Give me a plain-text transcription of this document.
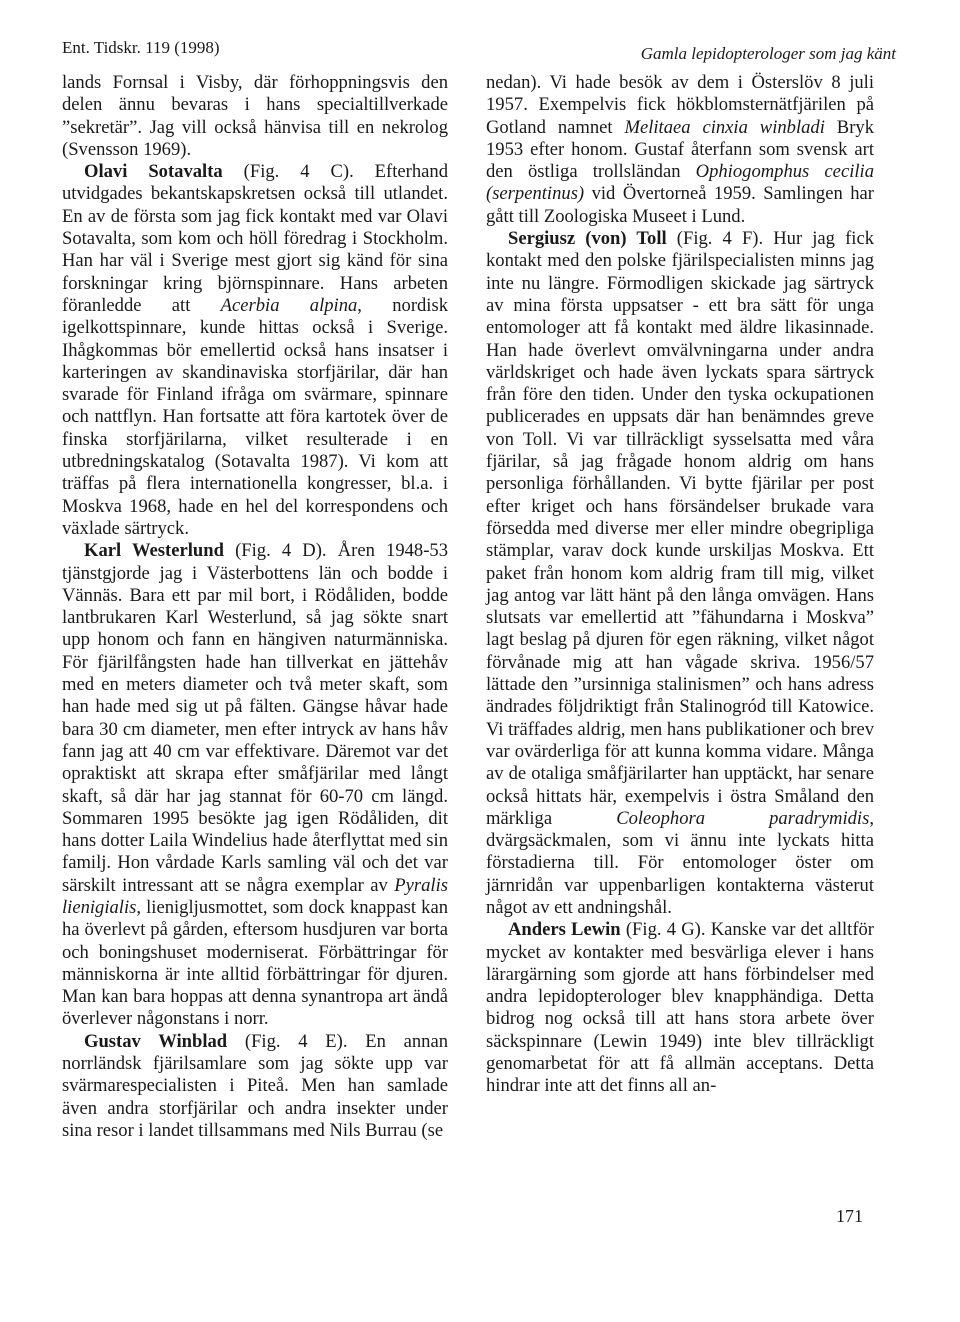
Ent. Tidskr. 119 (1998)	Gamla lepidopterologer som jag känt

lands Fornsal i Visby, där förhoppningsvis den delen ännu bevaras i hans specialtillverkade ”sekretär”. Jag vill också hänvisa till en nekrolog (Svensson 1969).

Olavi Sotavalta (Fig. 4 C). Efterhand utvidgades bekantskapskretsen också till utlandet. En av de första som jag fick kontakt med var Olavi Sotavalta, som kom och höll föredrag i Stockholm. Han har väl i Sverige mest gjort sig känd för sina forskningar kring björnspinnare. Hans arbeten föranledde att Acerbia alpina, nordisk igelkottspinnare, kunde hittas också i Sverige. Ihågkommas bör emellertid också hans insatser i karteringen av skandinaviska storfjärilar, där han svarade för Finland ifråga om svärmare, spinnare och nattflyn. Han fortsatte att föra kartotek över de finska storfjärilarna, vilket resulterade i en utbredningskatalog (Sotavalta 1987). Vi kom att träffas på flera internationella kongresser, bl.a. i Moskva 1968, hade en hel del korrespondens och växlade särtryck.

Karl Westerlund (Fig. 4 D). Åren 1948-53 tjänstgjorde jag i Västerbottens län och bodde i Vännäs. Bara ett par mil bort, i Rödåliden, bodde lantbrukaren Karl Westerlund, så jag sökte snart upp honom och fann en hängiven naturmänniska. För fjärilfångsten hade han tillverkat en jättehåv med en meters diameter och två meter skaft, som han hade med sig ut på fälten. Gängse håvar hade bara 30 cm diameter, men efter intryck av hans håv fann jag att 40 cm var effektivare. Däremot var det opraktiskt att skrapa efter småfjärilar med långt skaft, så där har jag stannat för 60-70 cm längd. Sommaren 1995 besökte jag igen Rödåliden, dit hans dotter Laila Windelius hade återflyttat med sin familj. Hon vårdade Karls samling väl och det var särskilt intressant att se några exemplar av Pyralis lienigialis, lienigljusmottet, som dock knappast kan ha överlevt på gården, eftersom husdjuren var borta och boningshuset moderniserat. Förbättringar för människorna är inte alltid förbättringar för djuren. Man kan bara hoppas att denna synantropa art ändå överlever någonstans i norr.

Gustav Winblad (Fig. 4 E). En annan norrländsk fjärilsamlare som jag sökte upp var svärmarespecialisten i Piteå. Men han samlade även andra storfjärilar och andra insekter under sina resor i landet tillsammans med Nils Burrau (se

nedan). Vi hade besök av dem i Österslöv 8 juli 1957. Exempelvis fick hökblomsternätfjärilen på Gotland namnet Melitaea cinxia winbladi Bryk 1953 efter honom. Gustaf återfann som svensk art den östliga trollsländan Ophiogomphus cecilia (serpentinus) vid Övertorneå 1959. Samlingen har gått till Zoologiska Museet i Lund.

Sergiusz (von) Toll (Fig. 4 F). Hur jag fick kontakt med den polske fjärilspecialisten minns jag inte nu längre. Förmodligen skickade jag särtryck av mina första uppsatser - ett bra sätt för unga entomologer att få kontakt med äldre likasinnade. Han hade överlevt omvälvningarna under andra världskriget och hade även lyckats spara särtryck från före den tiden. Under den tyska ockupationen publicerades en uppsats där han benämndes greve von Toll. Vi var tillräckligt sysselsatta med våra fjärilar, så jag frågade honom aldrig om hans personliga förhållanden. Vi bytte fjärilar per post efter kriget och hans försändelser brukade vara försedda med diverse mer eller mindre obegripliga stämplar, varav dock kunde urskiljas Moskva. Ett paket från honom kom aldrig fram till mig, vilket jag antog var lätt hänt på den långa omvägen. Hans slutsats var emellertid att ”fähundarna i Moskva” lagt beslag på djuren för egen räkning, vilket något förvånade mig att han vågade skriva. 1956/57 lättade den ”ursinniga stalinismen” och hans adress ändrades följdriktigt från Stalinogród till Katowice. Vi träffades aldrig, men hans publikationer och brev var ovärderliga för att kunna komma vidare. Många av de otaliga småfjärilarter han upptäckt, har senare också hittats här, exempelvis i östra Småland den märkliga Coleophora paradrymidis, dvärgsäckmalen, som vi ännu inte lyckats hitta förstadierna till. För entomologer öster om järnridån var uppenbarligen kontakterna västerut något av ett andningshål.

Anders Lewin (Fig. 4 G). Kanske var det alltför mycket av kontakter med besvärliga elever i hans lärargärning som gjorde att hans förbindelser med andra lepidopterologer blev knapphändiga. Detta bidrog nog också till att hans stora arbete över säckspinnare (Lewin 1949) inte blev tillräckligt genomarbetat för att få allmän acceptans. Detta hindrar inte att det finns all an-

171
